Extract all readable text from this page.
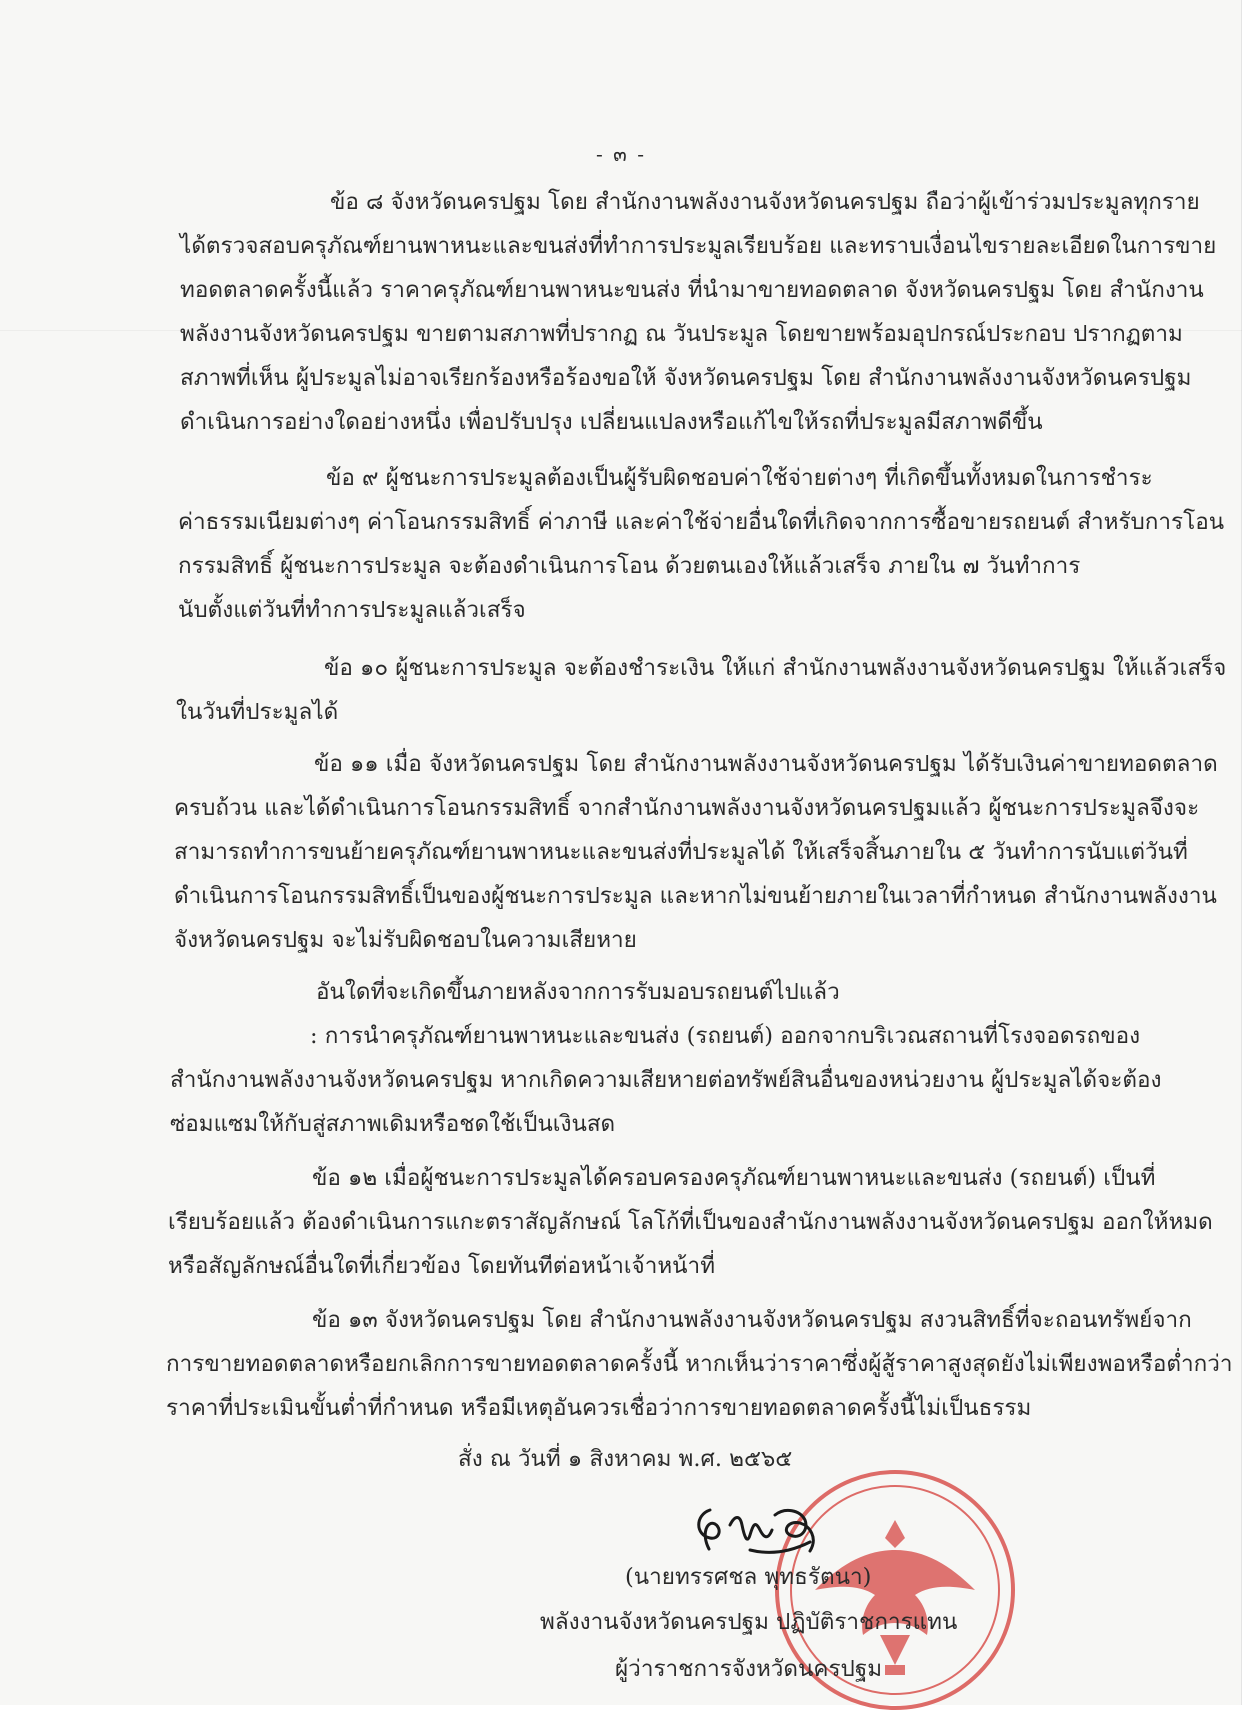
- ๓ -
ข้อ ๘ จังหวัดนครปฐม โดย สำนักงานพลังงานจังหวัดนครปฐม ถือว่าผู้เข้าร่วมประมูลทุกราย
ได้ตรวจสอบครุภัณฑ์ยานพาหนะและขนส่งที่ทำการประมูลเรียบร้อย และทราบเงื่อนไขรายละเอียดในการขาย
ทอดตลาดครั้งนี้แล้ว ราคาครุภัณฑ์ยานพาหนะขนส่ง ที่นำมาขายทอดตลาด จังหวัดนครปฐม โดย สำนักงาน
พลังงานจังหวัดนครปฐม ขายตามสภาพที่ปรากฏ ณ วันประมูล โดยขายพร้อมอุปกรณ์ประกอบ ปรากฏตาม
สภาพที่เห็น ผู้ประมูลไม่อาจเรียกร้องหรือร้องขอให้ จังหวัดนครปฐม โดย สำนักงานพลังงานจังหวัดนครปฐม
ดำเนินการอย่างใดอย่างหนึ่ง เพื่อปรับปรุง เปลี่ยนแปลงหรือแก้ไขให้รถที่ประมูลมีสภาพดีขึ้น
ข้อ ๙ ผู้ชนะการประมูลต้องเป็นผู้รับผิดชอบค่าใช้จ่ายต่างๆ ที่เกิดขึ้นทั้งหมดในการชำระ
ค่าธรรมเนียมต่างๆ ค่าโอนกรรมสิทธิ์ ค่าภาษี และค่าใช้จ่ายอื่นใดที่เกิดจากการซื้อขายรถยนต์ สำหรับการโอน
กรรมสิทธิ์ ผู้ชนะการประมูล จะต้องดำเนินการโอน ด้วยตนเองให้แล้วเสร็จ ภายใน ๗ วันทำการ
นับตั้งแต่วันที่ทำการประมูลแล้วเสร็จ
ข้อ ๑๐ ผู้ชนะการประมูล จะต้องชำระเงิน ให้แก่ สำนักงานพลังงานจังหวัดนครปฐม ให้แล้วเสร็จ
ในวันที่ประมูลได้
ข้อ ๑๑ เมื่อ จังหวัดนครปฐม โดย สำนักงานพลังงานจังหวัดนครปฐม ได้รับเงินค่าขายทอดตลาด
ครบถ้วน และได้ดำเนินการโอนกรรมสิทธิ์ จากสำนักงานพลังงานจังหวัดนครปฐมแล้ว ผู้ชนะการประมูลจึงจะ
สามารถทำการขนย้ายครุภัณฑ์ยานพาหนะและขนส่งที่ประมูลได้ ให้เสร็จสิ้นภายใน ๕ วันทำการนับแต่วันที่
ดำเนินการโอนกรรมสิทธิ์เป็นของผู้ชนะการประมูล และหากไม่ขนย้ายภายในเวลาที่กำหนด สำนักงานพลังงาน
จังหวัดนครปฐม จะไม่รับผิดชอบในความเสียหาย
อันใดที่จะเกิดขึ้นภายหลังจากการรับมอบรถยนต์ไปแล้ว
: การนำครุภัณฑ์ยานพาหนะและขนส่ง (รถยนต์) ออกจากบริเวณสถานที่โรงจอดรถของ
สำนักงานพลังงานจังหวัดนครปฐม หากเกิดความเสียหายต่อทรัพย์สินอื่นของหน่วยงาน ผู้ประมูลได้จะต้อง
ซ่อมแซมให้กับสู่สภาพเดิมหรือชดใช้เป็นเงินสด
ข้อ ๑๒ เมื่อผู้ชนะการประมูลได้ครอบครองครุภัณฑ์ยานพาหนะและขนส่ง (รถยนต์) เป็นที่
เรียบร้อยแล้ว ต้องดำเนินการแกะตราสัญลักษณ์ โลโก้ที่เป็นของสำนักงานพลังงานจังหวัดนครปฐม ออกให้หมด
หรือสัญลักษณ์อื่นใดที่เกี่ยวข้อง โดยทันทีต่อหน้าเจ้าหน้าที่
ข้อ ๑๓ จังหวัดนครปฐม โดย สำนักงานพลังงานจังหวัดนครปฐม สงวนสิทธิ์ที่จะถอนทรัพย์จาก
การขายทอดตลาดหรือยกเลิกการขายทอดตลาดครั้งนี้ หากเห็นว่าราคาซึ่งผู้สู้ราคาสูงสุดยังไม่เพียงพอหรือต่ำกว่า
ราคาที่ประเมินขั้นต่ำที่กำหนด หรือมีเหตุอันควรเชื่อว่าการขายทอดตลาดครั้งนี้ไม่เป็นธรรม
สั่ง ณ วันที่ ๑ สิงหาคม พ.ศ. ๒๕๖๕
(นายทรรศชล พุทธรัตนา)
พลังงานจังหวัดนครปฐม ปฏิบัติราชการแทน
ผู้ว่าราชการจังหวัดนครปฐม
